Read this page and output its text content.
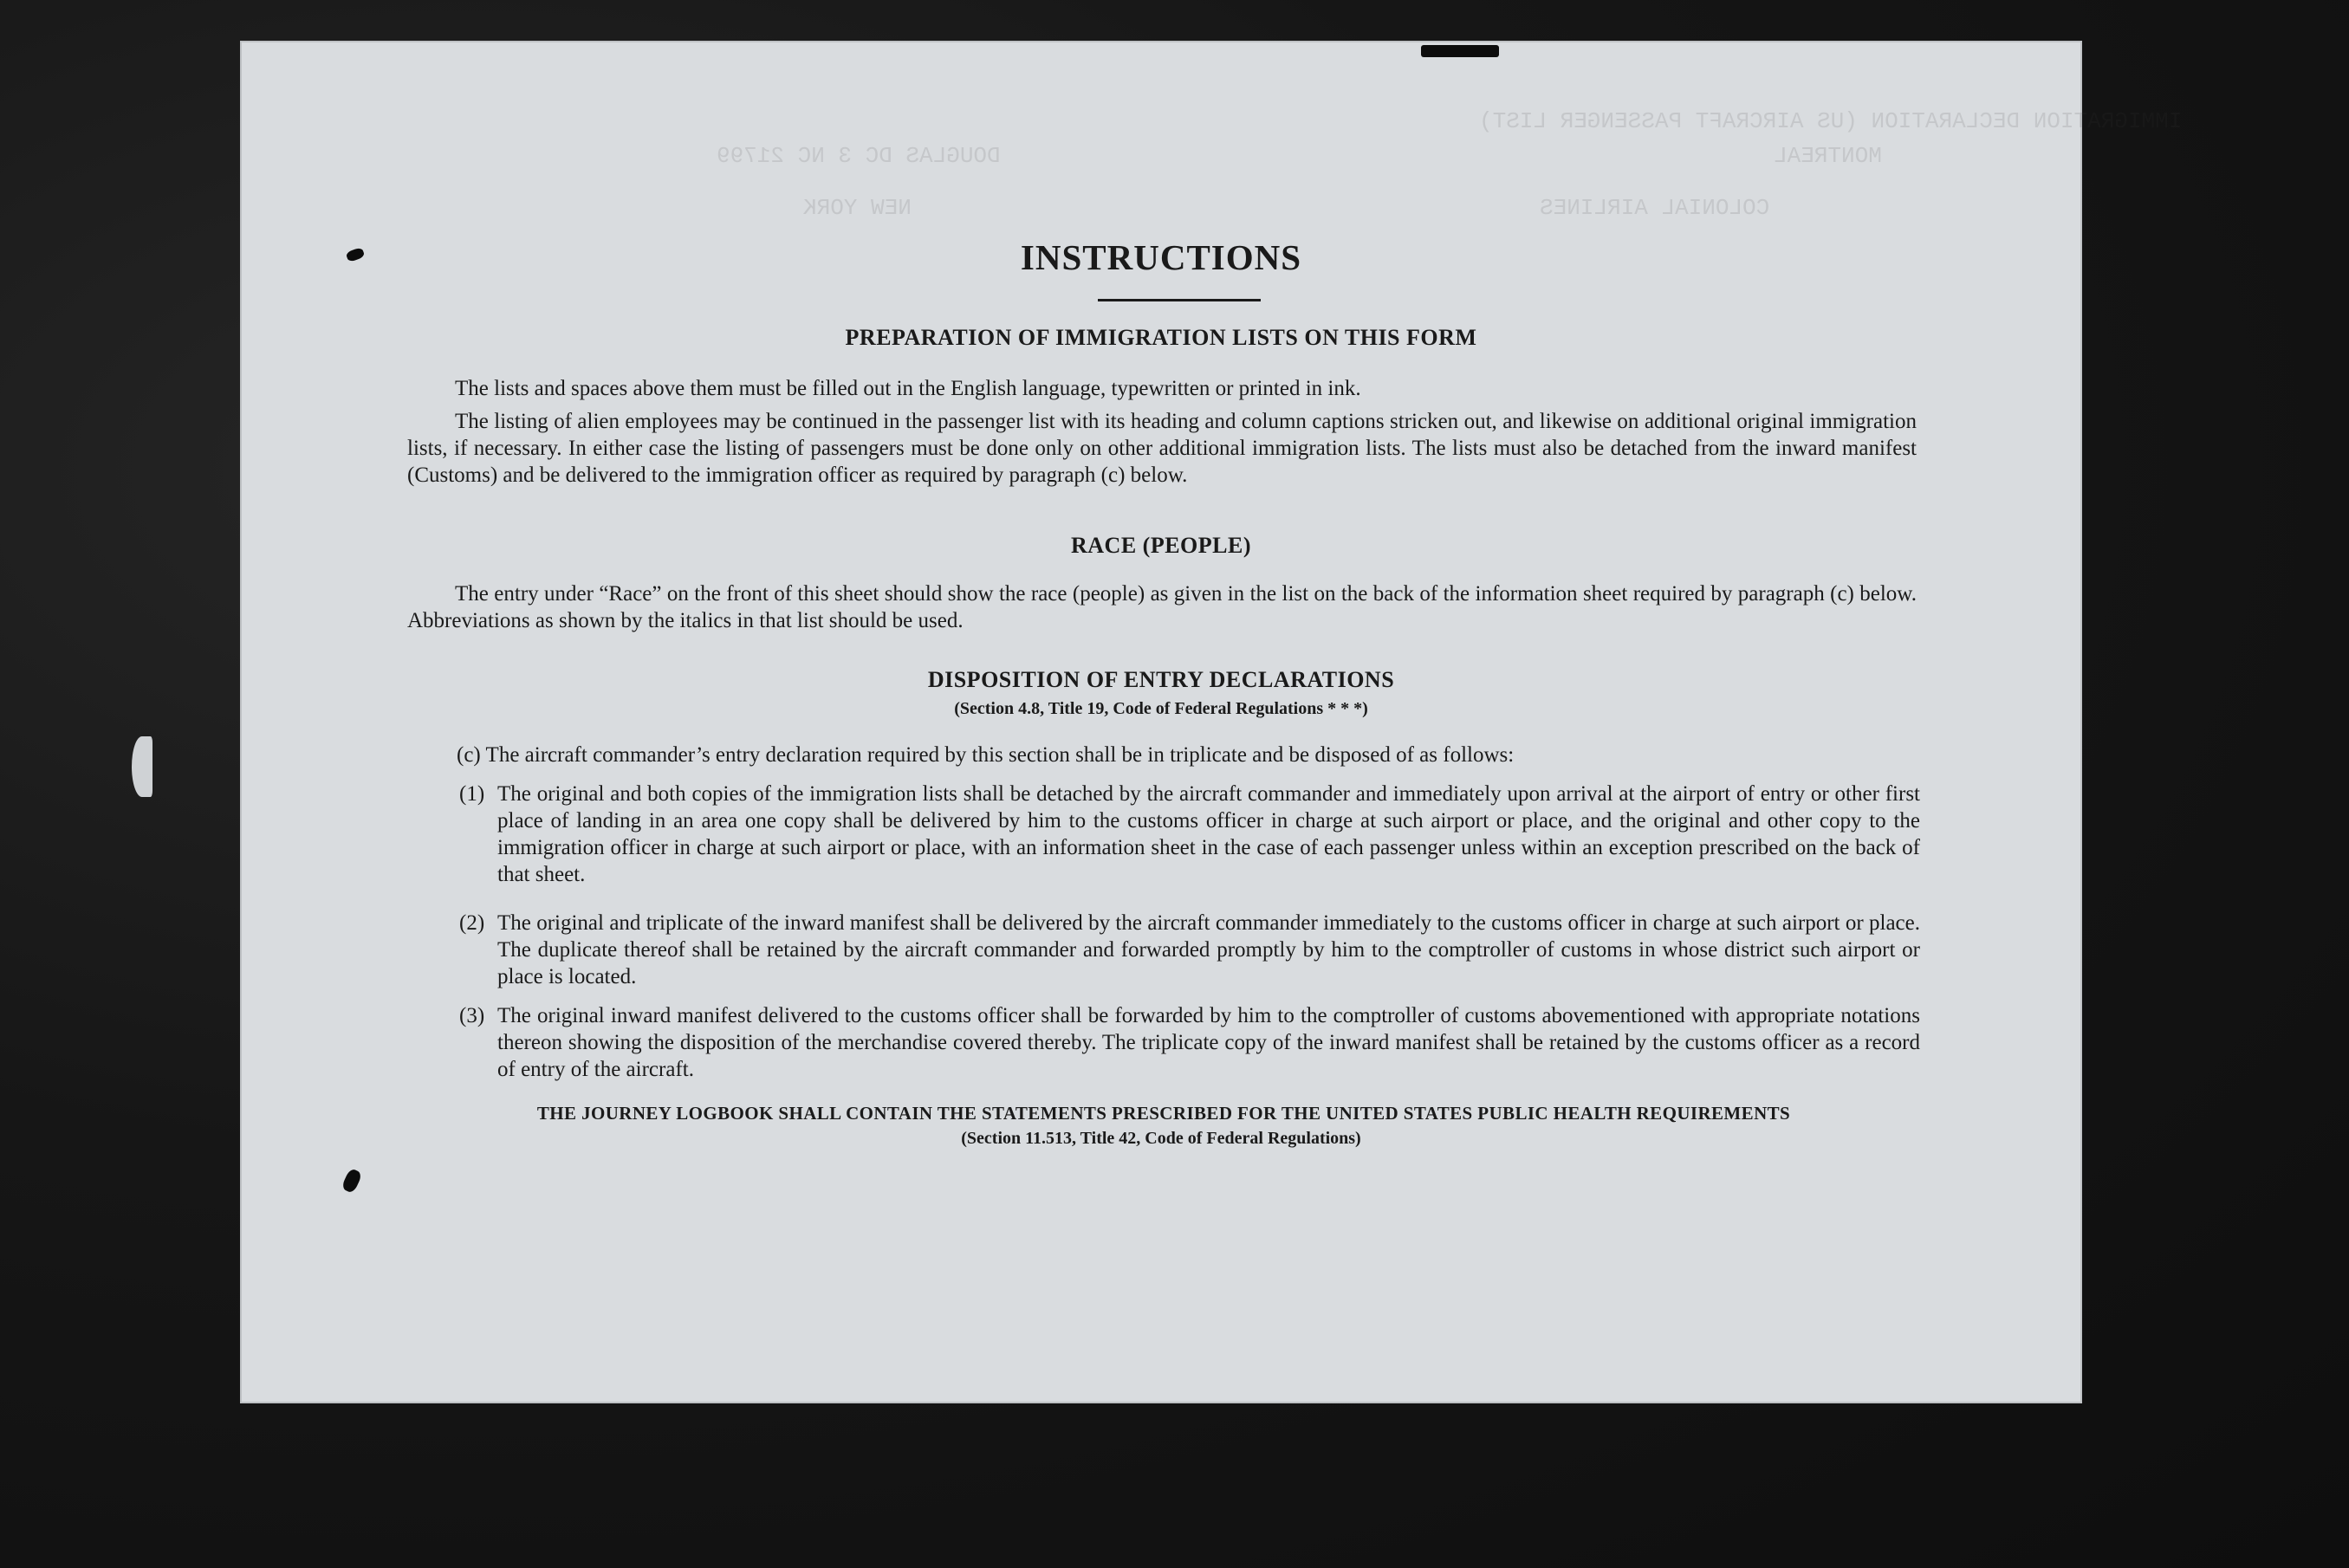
IMMIGRATION DECLARATION (US AIRCRAFT PASSENGER LIST)
DOUGLAS DC 3 NC 21799	MONTREAL
NEW YORK	COLONIAL AIRLINES
INSTRUCTIONS
PREPARATION OF IMMIGRATION LISTS ON THIS FORM
The lists and spaces above them must be filled out in the English language, typewritten or printed in ink.
The listing of alien employees may be continued in the passenger list with its heading and column captions stricken out, and likewise on additional original immigration lists, if necessary. In either case the listing of passengers must be done only on other additional immigration lists. The lists must also be detached from the inward manifest (Customs) and be delivered to the immigration officer as required by paragraph (c) below.
RACE (PEOPLE)
The entry under “Race” on the front of this sheet should show the race (people) as given in the list on the back of the information sheet required by paragraph (c) below. Abbreviations as shown by the italics in that list should be used.
DISPOSITION OF ENTRY DECLARATIONS
(Section 4.8, Title 19, Code of Federal Regulations * * *)
(c) The aircraft commander’s entry declaration required by this section shall be in triplicate and be disposed of as follows:
(1) The original and both copies of the immigration lists shall be detached by the aircraft commander and immediately upon arrival at the airport of entry or other first place of landing in an area one copy shall be delivered by him to the customs officer in charge at such airport or place, and the original and other copy to the immigration officer in charge at such airport or place, with an information sheet in the case of each passenger unless within an exception prescribed on the back of that sheet.
(2) The original and triplicate of the inward manifest shall be delivered by the aircraft commander immediately to the customs officer in charge at such airport or place. The duplicate thereof shall be retained by the aircraft commander and forwarded promptly by him to the comptroller of customs in whose district such airport or place is located.
(3) The original inward manifest delivered to the customs officer shall be forwarded by him to the comptroller of customs abovementioned with appropriate notations thereon showing the disposition of the merchandise covered thereby. The triplicate copy of the inward manifest shall be retained by the customs officer as a record of entry of the aircraft.
THE JOURNEY LOGBOOK SHALL CONTAIN THE STATEMENTS PRESCRIBED FOR THE UNITED STATES PUBLIC HEALTH REQUIREMENTS
(Section 11.513, Title 42, Code of Federal Regulations)
